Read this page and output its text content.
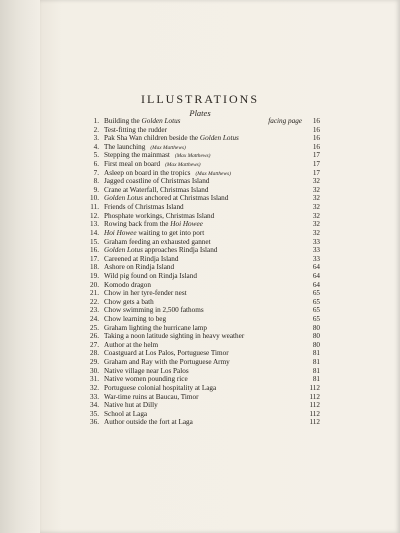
ILLUSTRATIONS
Plates
1. Building the Golden Lotus	facing page	16
2. Test-fitting the rudder	16
3. Pak Sha Wan children beside the Golden Lotus	16
4. The launching (Max Matthews)	16
5. Stepping the mainmast (Max Matthews)	17
6. First meal on board (Max Matthews)	17
7. Asleep on board in the tropics (Max Matthews)	17
8. Jagged coastline of Christmas Island	32
9. Crane at Waterfall, Christmas Island	32
10. Golden Lotus anchored at Christmas Island	32
11. Friends of Christmas Island	32
12. Phosphate workings, Christmas Island	32
13. Rowing back from the Hoi Howee	32
14. Hoi Howee waiting to get into port	32
15. Graham feeding an exhausted gannet	33
16. Golden Lotus approaches Rindja Island	33
17. Careened at Rindja Island	33
18. Ashore on Rindja Island	64
19. Wild pig found on Rindja Island	64
20. Komodo dragon	64
21. Chow in her tyre-fender nest	65
22. Chow gets a bath	65
23. Chow swimming in 2,500 fathoms	65
24. Chow learning to beg	65
25. Graham lighting the hurricane lamp	80
26. Taking a noon latitude sighting in heavy weather	80
27. Author at the helm	80
28. Coastguard at Los Palos, Portuguese Timor	81
29. Graham and Ray with the Portuguese Army	81
30. Native village near Los Palos	81
31. Native women pounding rice	81
32. Portuguese colonial hospitality at Laga	112
33. War-time ruins at Baucau, Timor	112
34. Native hut at Dilly	112
35. School at Laga	112
36. Author outside the fort at Laga	112
